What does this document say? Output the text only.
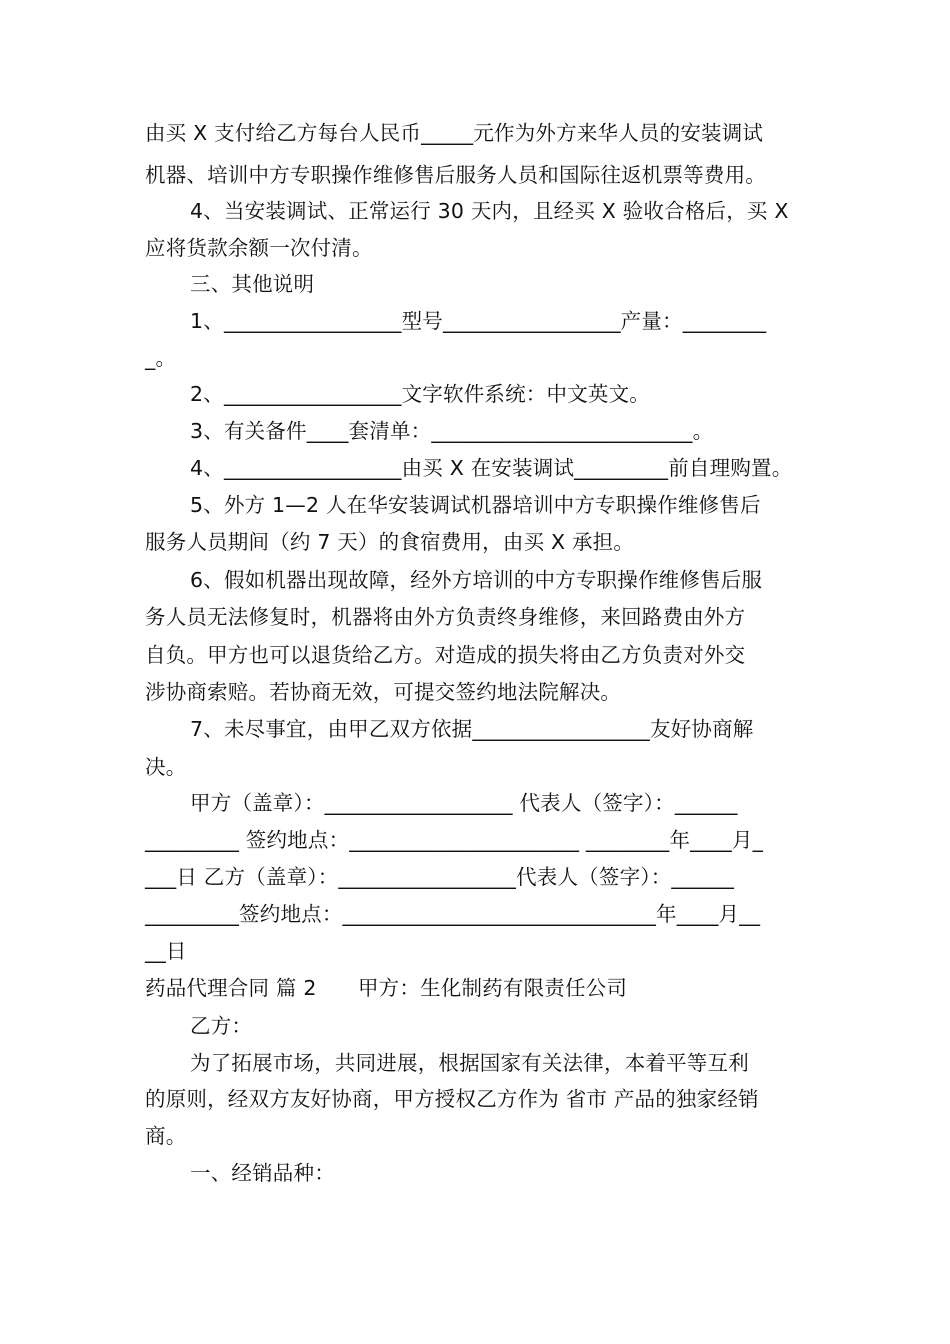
由买 X 支付给乙方每台人民币_____元作为外方来华人员的安装调试
机器、培训中方专职操作维修售后服务人员和国际往返机票等费用。
4、当安装调试、正常运行 30 天内，且经买 X 验收合格后，买 X
应将货款余额一次付清。
三、其他说明
1、_________________型号_________________产量：________
_。
2、_________________文字软件系统：中文英文。
3、有关备件____套清单：_________________________。
4、_________________由买 X 在安装调试_________前自理购置。
5、外方 1—2 人在华安装调试机器培训中方专职操作维修售后
服务人员期间（约 7 天）的食宿费用，由买 X 承担。
6、假如机器出现故障，经外方培训的中方专职操作维修售后服
务人员无法修复时，机器将由外方负责终身维修，来回路费由外方
自负。甲方也可以退货给乙方。对造成的损失将由乙方负责对外交
涉协商索赔。若协商无效，可提交签约地法院解决。
7、未尽事宜，由甲乙双方依据_________________友好协商解
决。
甲方（盖章）：__________________ 代表人（签字）：______
_________ 签约地点：______________________ ________年____月_
___日 乙方（盖章）：_________________代表人（签字）：______
_________签约地点：______________________________年____月__
__日
药品代理合同 篇 2　　甲方：生化制药有限责任公司
乙方：
为了拓展市场，共同进展，根据国家有关法律，本着平等互利
的原则，经双方友好协商，甲方授权乙方作为 省市 产品的独家经销
商。
一、经销品种：
